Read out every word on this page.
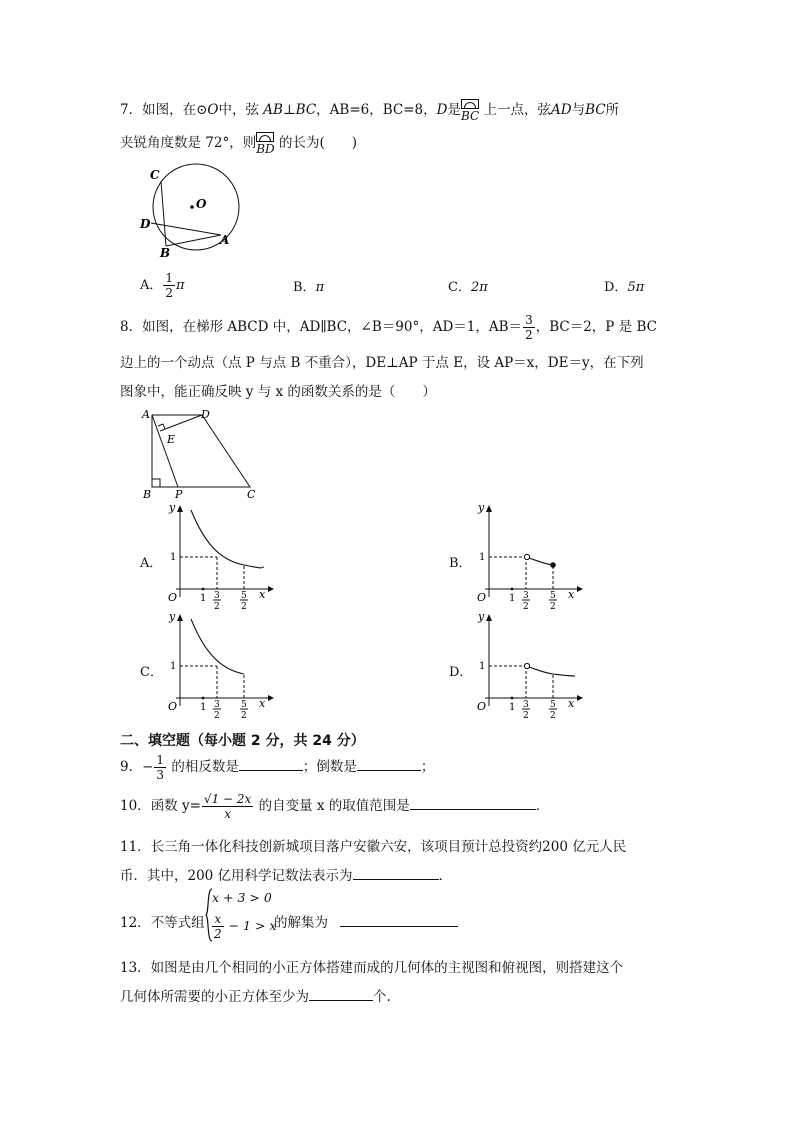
7．如图，在⊙O中，弦 AB⊥BC，AB=6，BC=8，D是
BC 上一点，弦AD与BC所
夹锐角度数是 72°，则
BD 的长为(　　)
C
O
D
B
A
A． $\frac{1}{2}$ π	B．π	C．2π	D．5π
8．如图，在梯形 ABCD 中，AD∥BC，∠B＝90°，AD＝1，$AB= \frac{3}{2}$ ，BC＝2，P 是 BC
边上的一个动点（点 P 与点 B 不重合），DE⊥AP 于点 E，设 AP＝x，DE＝y，在下列
图象中，能正确反映 y 与 x 的函数关系的是（　　）
A	D
E
B P	C
A．	B．
C．	D．
y
1
O 1 3
2
5
2
x
y
1
O 1 3
2
5
2
x
y
1
O 1 3
2
5
2
x
y
1
O 1 3
2
5
2
x
二、填空题（每小题 2 分，共 24 分）
9．− $\frac{1}{3}$ 的相反数是	；倒数是	；
10．函数 $y= \frac{√1 - 2x}{x}$ 的自变量 x 的取值范围是	．
11．长三角一体化科技创新城项目落户安徽六安，该项目预计总投资约200 亿元人民
币．其中，200 亿用科学记数法表示为	．
12．不等式组
x + 3 > 0
$\frac{x}{2} - 1 > x$
的解集为
13．如图是由几个相同的小正方体搭建而成的几何体的主视图和俯视图，则搭建这个
几何体所需要的小正方体至少为	个.
